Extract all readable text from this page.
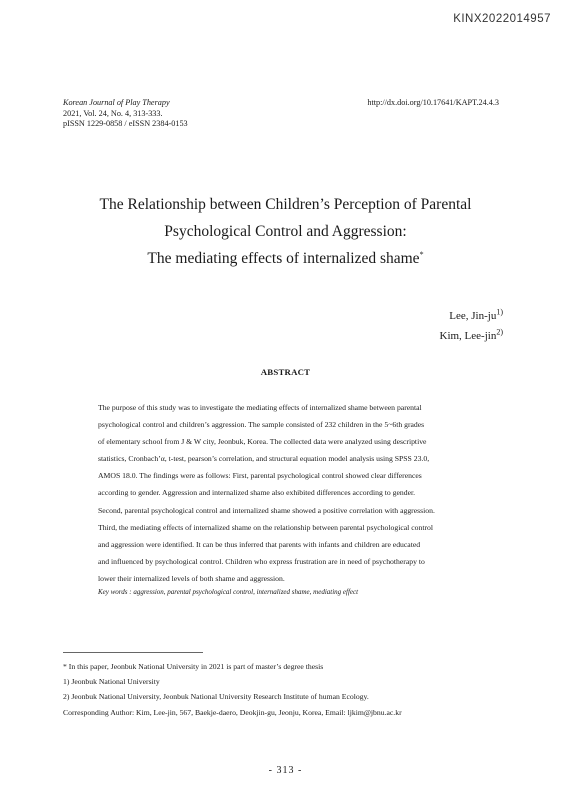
KINX2022014957
Korean Journal of Play Therapy
2021, Vol. 24, No. 4, 313-333.
pISSN 1229-0858 / eISSN 2384-0153
http://dx.doi.org/10.17641/KAPT.24.4.3
The Relationship between Children’s Perception of Parental
Psychological Control and Aggression:
The mediating effects of internalized shame*
Lee, Jin-$ju^{1)}$
Kim, Lee-jin$^{2)}$
ABSTRACT
The purpose of this study was to investigate the mediating effects of internalized shame between parental
psychological control and children’s aggression. The sample consisted of 232 children in the 5~6th grades
of elementary school from J & W city, Jeonbuk, Korea. The collected data were analyzed using descriptive
statistics, Cronbach’α, t-test, pearson’s correlation, and structural equation model analysis using SPSS 23.0,
AMOS 18.0. The findings were as follows: First, parental psychological control showed clear differences
according to gender. Aggression and internalized shame also exhibited differences according to gender.
Second, parental psychological control and internalized shame showed a positive correlation with aggression.
Third, the mediating effects of internalized shame on the relationship between parental psychological control
and aggression were identified. It can be thus inferred that parents with infants and children are educated
and influenced by psychological control. Children who express frustration are in need of psychotherapy to
lower their internalized levels of both shame and aggression.
Key words : aggression, parental psychological control, internalized shame, mediating effect
* In this paper, Jeonbuk National University in 2021 is part of master’s degree thesis
1) Jeonbuk National University
2) Jeonbuk National University, Jeonbuk National University Research Institute of human Ecology.
Corresponding Author: Kim, Lee-jin, 567, Baekje-daero, Deokjin-gu, Jeonju, Korea, Email: ljkim@jbnu.ac.kr
- 313 -
